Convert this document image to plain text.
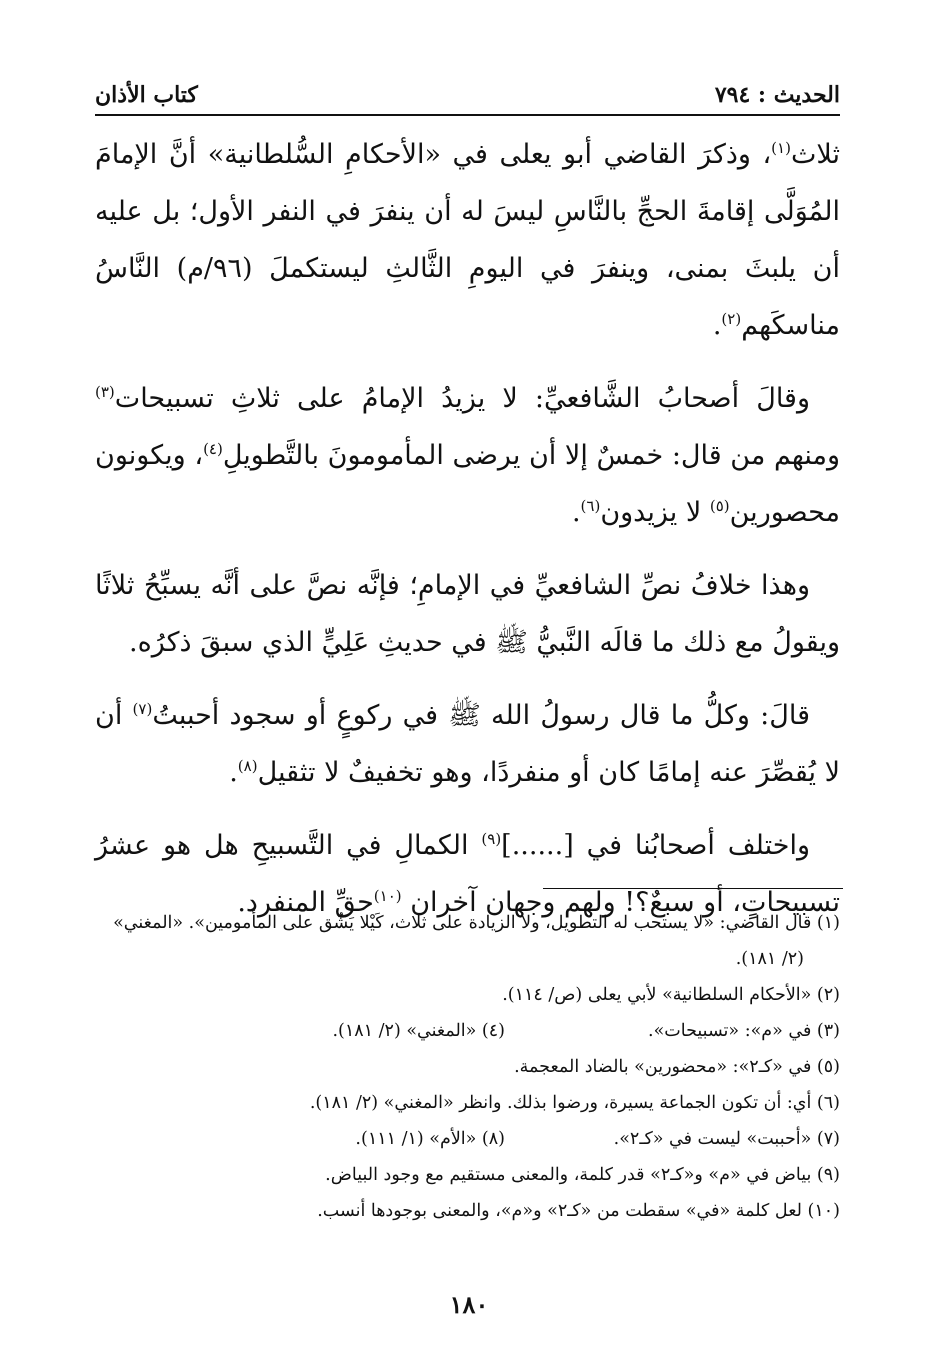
الحديث : ٧٩٤
كتاب الأذان

ثلاث$^{(١)}$، وذكرَ القاضي أبو يعلى في «الأحكامِ السُّلطانية» أنَّ الإمامَ المُوَلَّى إقامةَ الحجِّ بالنَّاسِ ليسَ له أن ينفرَ في النفر الأول؛ بل عليه أن يلبثَ بمنى، وينفرَ في اليومِ الثَّالثِ ليستكملَ (٩٦/م) النَّاسُ مناسكَهم$^{(٢)}$.

وقالَ أصحابُ الشَّافعيِّ: لا يزيدُ الإمامُ على ثلاثِ تسبيحات$^{(٣)}$ ومنهم من قال: خمسٌ إلا أن يرضى المأمومونَ بالتَّطويلِ$^{(٤)}$، ويكونون محصورين$^{(٥)}$ لا يزيدون$^{(٦)}$.

وهذا خلافُ نصِّ الشافعيِّ في الإمامِ؛ فإنَّه نصَّ على أنَّه يسبِّحُ ثلاثًا ويقولُ مع ذلك ما قالَه النَّبيُّ ﷺ في حديثِ عَلِيٍّ الذي سبقَ ذكرُه.

قالَ: وكلُّ ما قال رسولُ الله ﷺ في ركوعٍ أو سجود أحببتُ$^{(٧)}$ أن لا يُقصِّرَ عنه إمامًا كان أو منفردًا، وهو تخفيفٌ لا تثقيل$^{(٨)}$.

واختلف أصحابُنا في [......]$^{(٩)}$ الكمالِ في التَّسبيحِ هل هو عشرُ تسبيحاتٍ، أو سبعٌ؟! ولهم وجهان آخران $^{(١٠)}$حقِّ المنفرد.

(١) قال القاضي: «لا يستحب له التطويل، ولا الزيادة على ثلاث، كَيْلا يَشُق على المأمومين». «المغني» (٢/ ١٨١).

(٢) «الأحكام السلطانية» لأبي يعلى (ص/ ١١٤).

(٣) في «م»: «تسبيحات».
(٤) «المغني» (٢/ ١٨١).

(٥) في «كـ٢»: «محضورين» بالضاد المعجمة.

(٦) أي: أن تكون الجماعة يسيرة، ورضوا بذلك. وانظر «المغني» (٢/ ١٨١).

(٧) «أحببت» ليست في «كـ٢».
(٨) «الأم» (١/ ١١١).

(٩) بياض في «م» و«كـ٢» قدر كلمة، والمعنى مستقيم مع وجود البياض.

(١٠) لعل كلمة «في» سقطت من «كـ٢» و«م»، والمعنى بوجودها أنسب.

١٨٠
